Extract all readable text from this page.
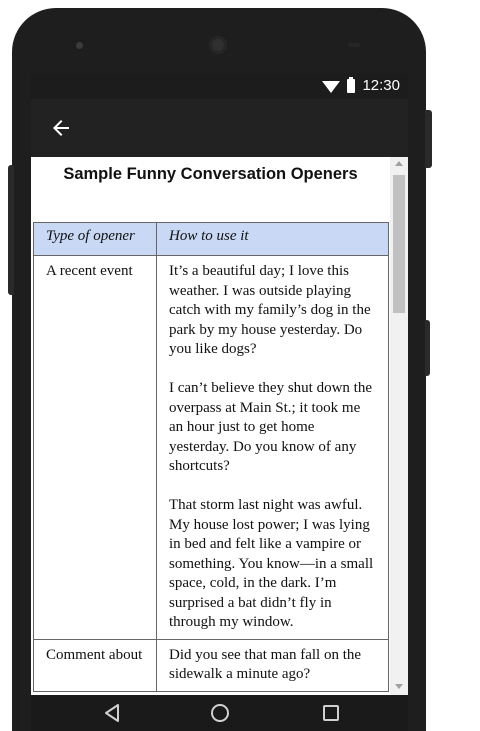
12:30
Sample Funny Conversation Openers
Type of opener	How to use it
A recent event	It’s a beautiful day; I love this weather. I was outside playing catch with my family’s dog in the park by my house yesterday. Do you like dogs?

I can’t believe they shut down the overpass at Main St.; it took me an hour just to get home yesterday. Do you know of any shortcuts?

That storm last night was awful. My house lost power; I was lying in bed and felt like a vampire or something. You know—in a small space, cold, in the dark. I’m surprised a bat didn’t fly in through my window.

Comment about	Did you see that man fall on the sidewalk a minute ago?
